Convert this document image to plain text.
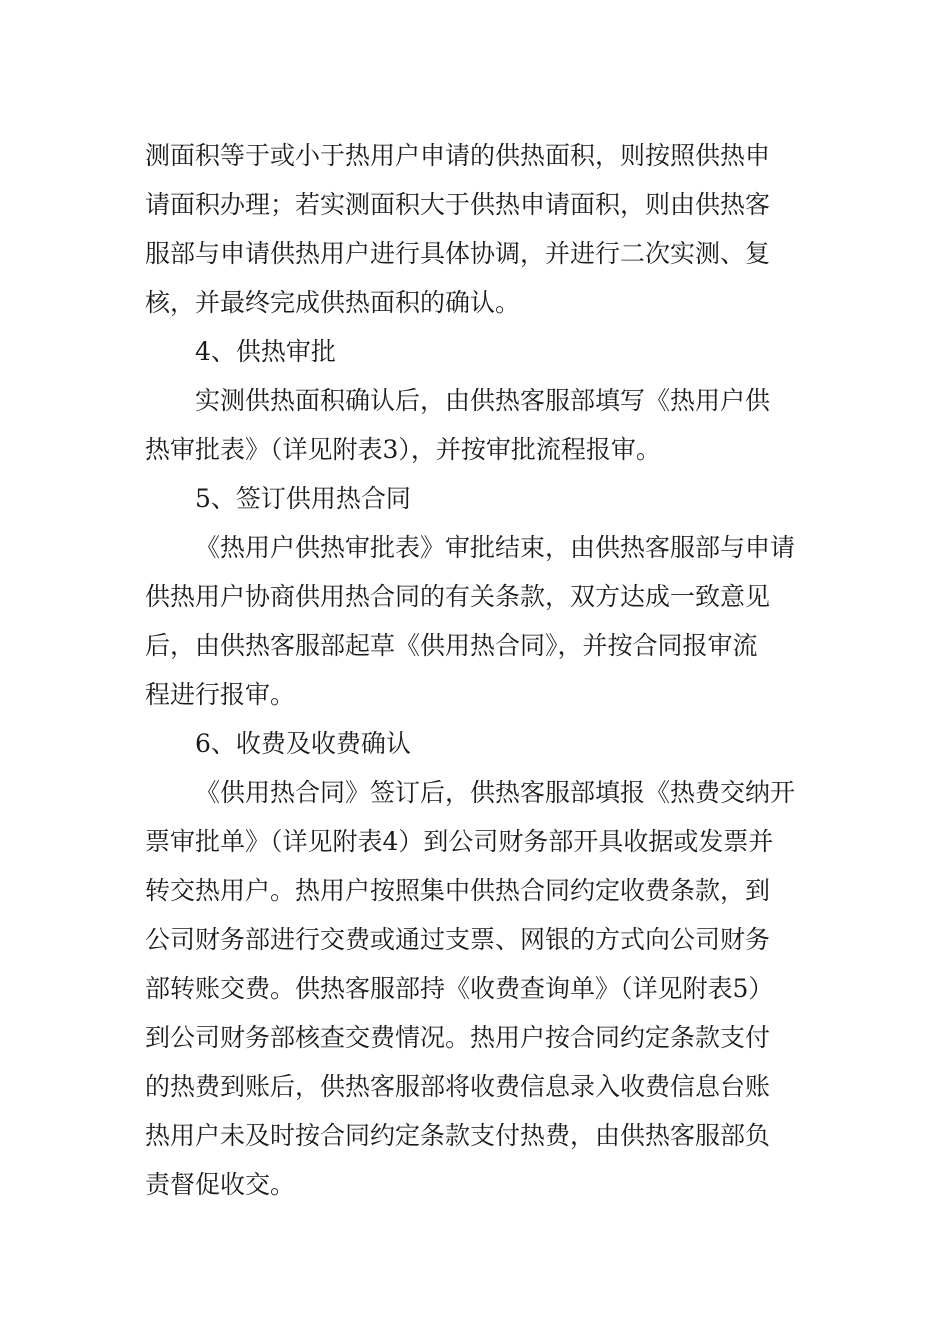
测面积等于或小于热用户申请的供热面积，则按照供热申
请面积办理；若实测面积大于供热申请面积，则由供热客
服部与申请供热用户进行具体协调，并进行二次实测、复
核，并最终完成供热面积的确认。
4、供热审批
实测供热面积确认后，由供热客服部填写《热用户供
热审批表》（详见附表3），并按审批流程报审。
5、签订供用热合同
《热用户供热审批表》审批结束，由供热客服部与申请
供热用户协商供用热合同的有关条款，双方达成一致意见
后，由供热客服部起草《供用热合同》，并按合同报审流
程进行报审。
6、收费及收费确认
《供用热合同》签订后，供热客服部填报《热费交纳开
票审批单》（详见附表4）到公司财务部开具收据或发票并
转交热用户。热用户按照集中供热合同约定收费条款，到
公司财务部进行交费或通过支票、网银的方式向公司财务
部转账交费。供热客服部持《收费查询单》（详见附表5）
到公司财务部核查交费情况。热用户按合同约定条款支付
的热费到账后，供热客服部将收费信息录入收费信息台账
热用户未及时按合同约定条款支付热费，由供热客服部负
责督促收交。
